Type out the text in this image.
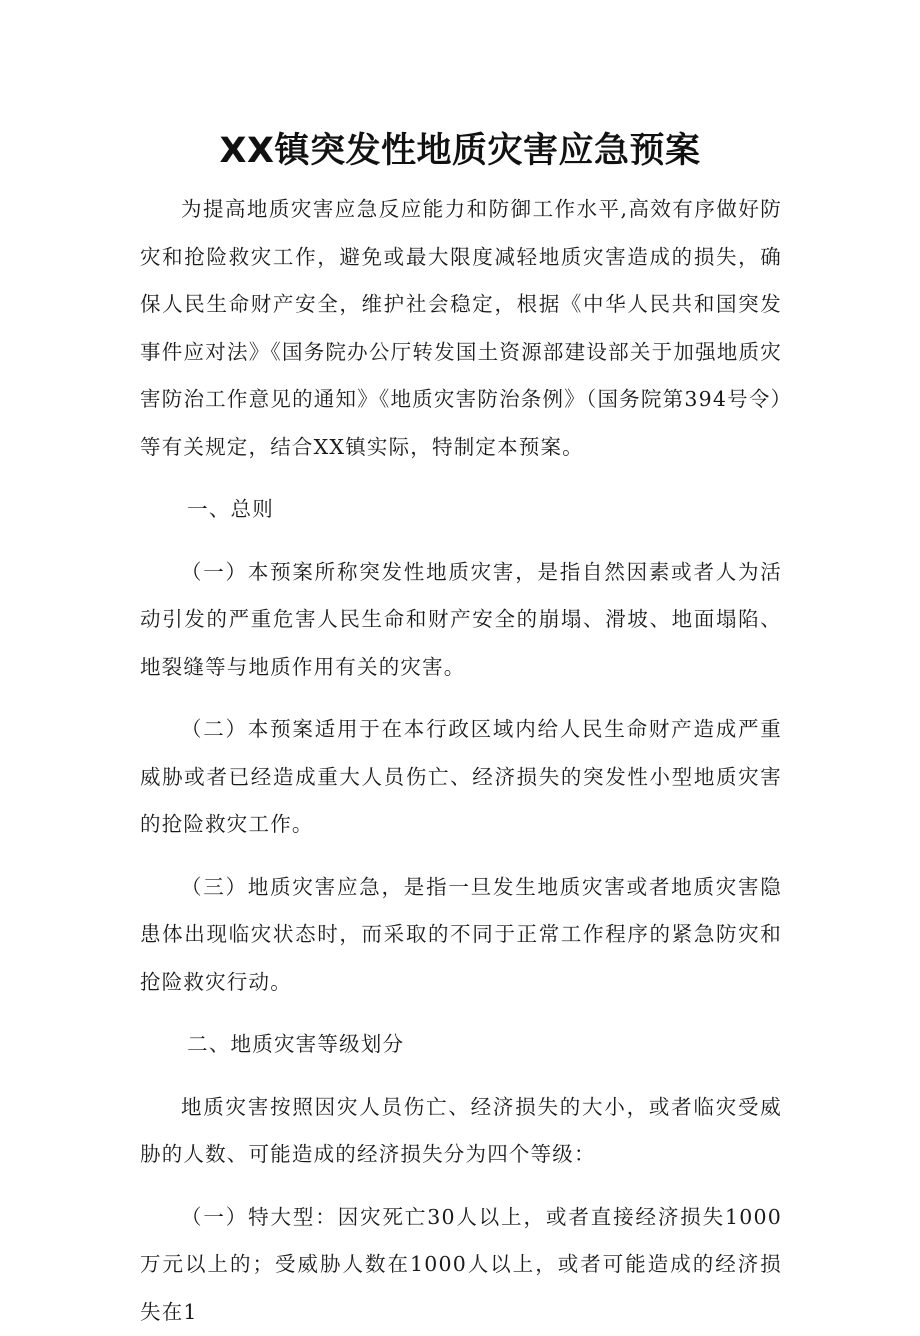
XX镇突发性地质灾害应急预案

为提高地质灾害应急反应能力和防御工作水平,高效有序做好防灾和抢险救灾工作，避免或最大限度减轻地质灾害造成的损失，确保人民生命财产安全，维护社会稳定，根据《中华人民共和国突发事件应对法》《国务院办公厅转发国土资源部建设部关于加强地质灾害防治工作意见的通知》《地质灾害防治条例》（国务院第394号令）等有关规定，结合XX镇实际，特制定本预案。

一、总则

（一）本预案所称突发性地质灾害，是指自然因素或者人为活动引发的严重危害人民生命和财产安全的崩塌、滑坡、地面塌陷、地裂缝等与地质作用有关的灾害。

（二）本预案适用于在本行政区域内给人民生命财产造成严重威胁或者已经造成重大人员伤亡、经济损失的突发性小型地质灾害的抢险救灾工作。

（三）地质灾害应急，是指一旦发生地质灾害或者地质灾害隐患体出现临灾状态时，而采取的不同于正常工作程序的紧急防灾和抢险救灾行动。

二、地质灾害等级划分

地质灾害按照因灾人员伤亡、经济损失的大小，或者临灾受威胁的人数、可能造成的经济损失分为四个等级：

（一）特大型：因灾死亡30人以上，或者直接经济损失1000万元以上的；受威胁人数在1000人以上，或者可能造成的经济损失在1
